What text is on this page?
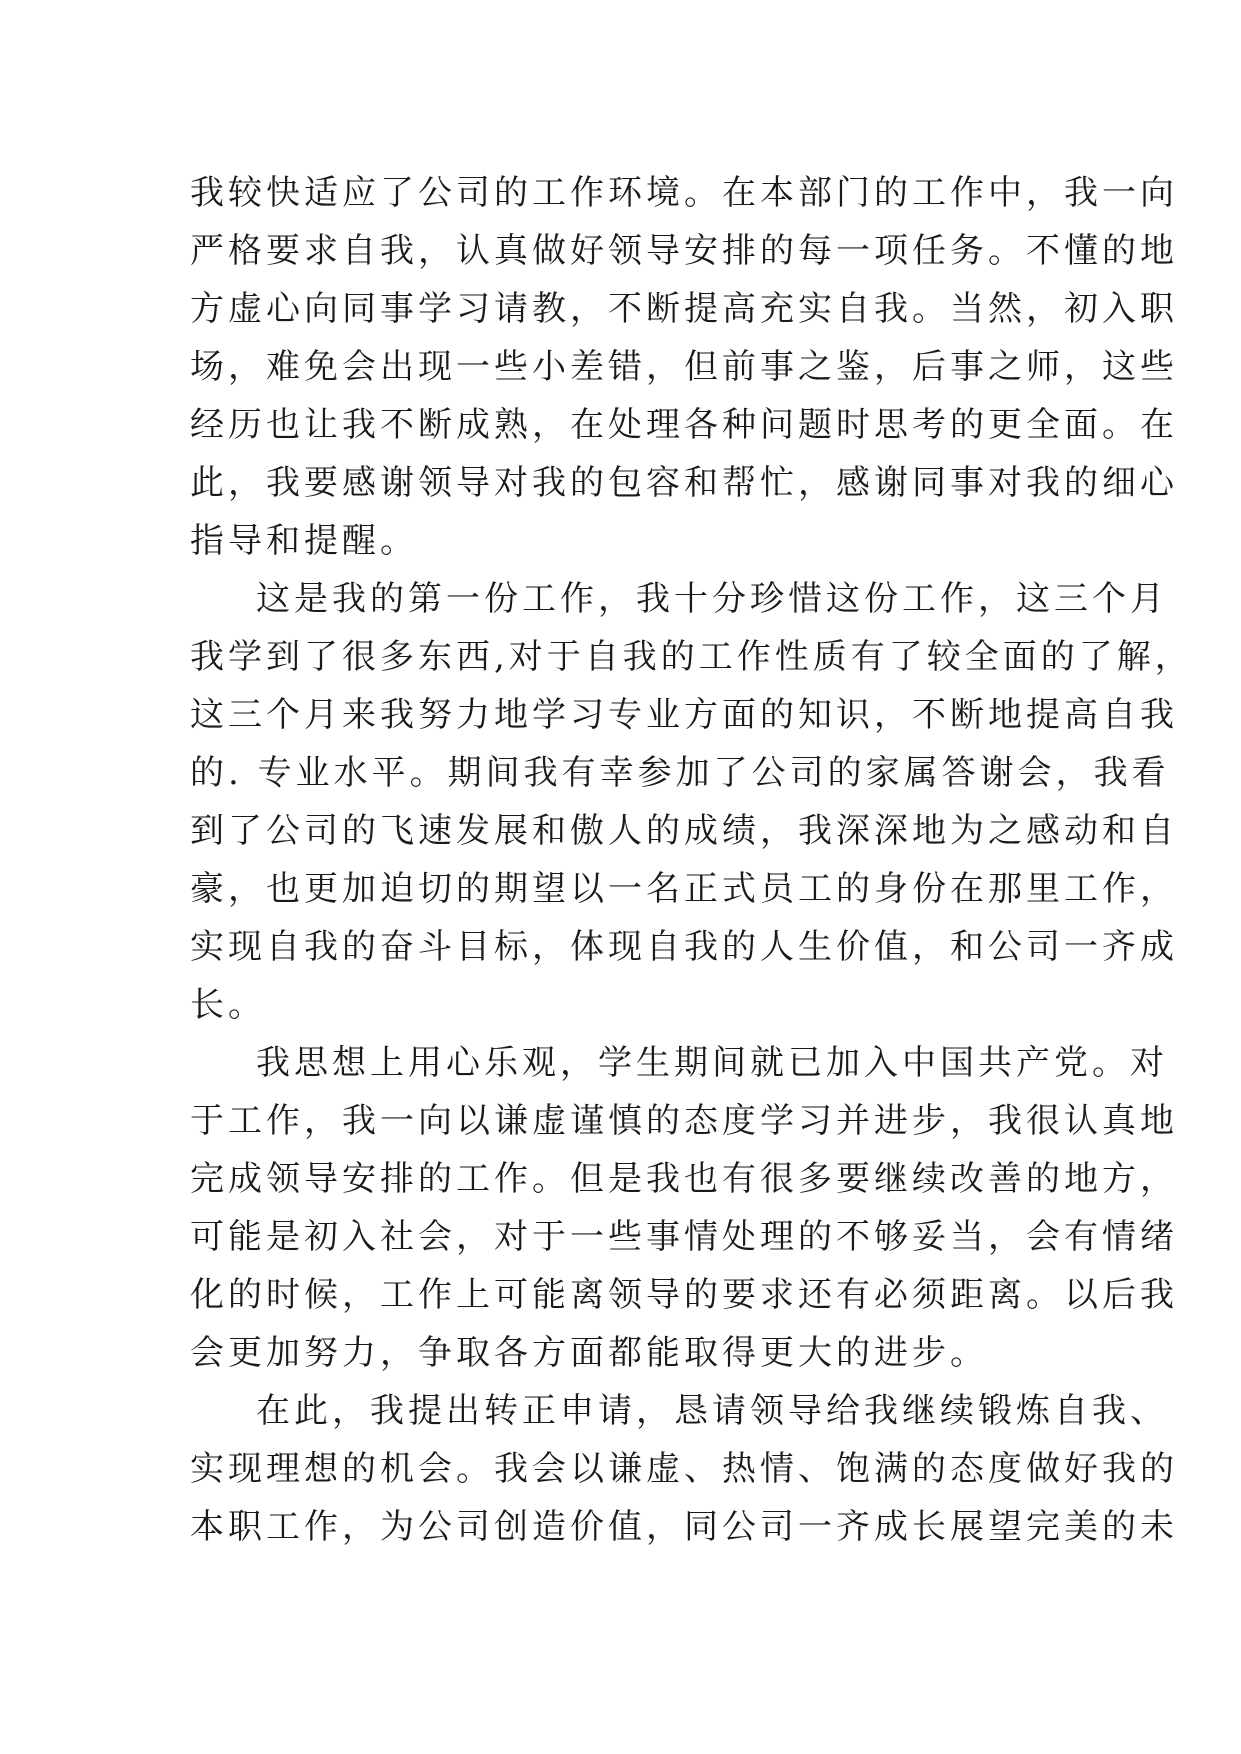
我较快适应了公司的工作环境。在本部门的工作中，我一向
严格要求自我，认真做好领导安排的每一项任务。不懂的地
方虚心向同事学习请教，不断提高充实自我。当然，初入职
场，难免会出现一些小差错，但前事之鉴，后事之师，这些
经历也让我不断成熟，在处理各种问题时思考的更全面。在
此，我要感谢领导对我的包容和帮忙，感谢同事对我的细心
指导和提醒。
这是我的第一份工作，我十分珍惜这份工作，这三个月
我学到了很多东西,对于自我的工作性质有了较全面的了解，
这三个月来我努力地学习专业方面的知识，不断地提高自我
的. 专业水平。期间我有幸参加了公司的家属答谢会，我看
到了公司的飞速发展和傲人的成绩，我深深地为之感动和自
豪，也更加迫切的期望以一名正式员工的身份在那里工作，
实现自我的奋斗目标，体现自我的人生价值，和公司一齐成
长。
我思想上用心乐观，学生期间就已加入中国共产党。对
于工作，我一向以谦虚谨慎的态度学习并进步，我很认真地
完成领导安排的工作。但是我也有很多要继续改善的地方，
可能是初入社会，对于一些事情处理的不够妥当，会有情绪
化的时候，工作上可能离领导的要求还有必须距离。以后我
会更加努力，争取各方面都能取得更大的进步。
在此，我提出转正申请，恳请领导给我继续锻炼自我、
实现理想的机会。我会以谦虚、热情、饱满的态度做好我的
本职工作，为公司创造价值，同公司一齐成长展望完美的未
